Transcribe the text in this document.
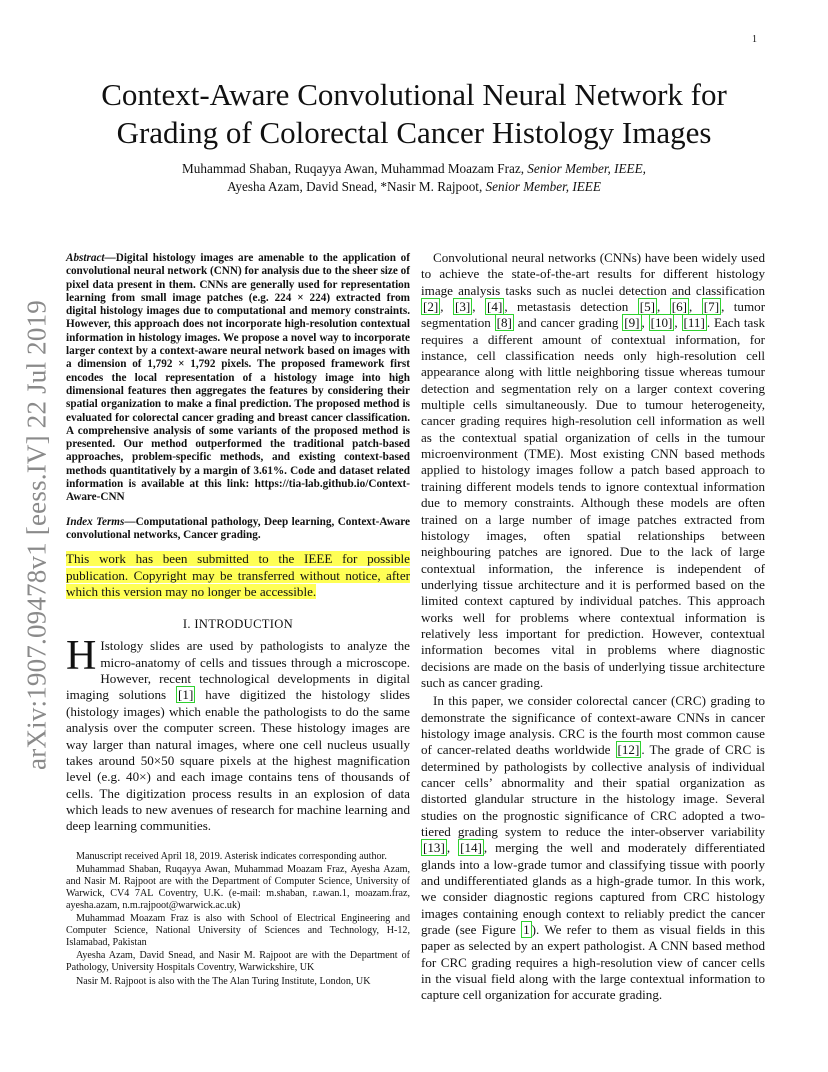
1
arXiv:1907.09478v1 [eess.IV] 22 Jul 2019
Context-Aware Convolutional Neural Network for
Grading of Colorectal Cancer Histology Images
Muhammad Shaban, Ruqayya Awan, Muhammad Moazam Fraz, Senior Member, IEEE,
Ayesha Azam, David Snead, *Nasir M. Rajpoot, Senior Member, IEEE

Abstract—Digital histology images are amenable to the application of convolutional neural network (CNN) for analysis due to the sheer size of pixel data present in them. CNNs are generally used for representation learning from small image patches (e.g. 224 × 224) extracted from digital histology images due to computational and memory constraints. However, this approach does not incorporate high-resolution contextual information in histology images. We propose a novel way to incorporate larger context by a context-aware neural network based on images with a dimension of 1,792 × 1,792 pixels. The proposed framework first encodes the local representation of a histology image into high dimensional features then aggregates the features by considering their spatial organization to make a final prediction. The proposed method is evaluated for colorectal cancer grading and breast cancer classification. A comprehensive analysis of some variants of the proposed method is presented. Our method outperformed the traditional patch-based approaches, problem-specific methods, and existing context-based methods quantitatively by a margin of 3.61%. Code and dataset related information is available at this link: https://tia-lab.github.io/Context-Aware-CNN

Index Terms—Computational pathology, Deep learning, Context-Aware convolutional networks, Cancer grading.

This work has been submitted to the IEEE for possible publication. Copyright may be transferred without notice, after which this version may no longer be accessible.

I. INTRODUCTION

H Istology slides are used by pathologists to analyze the micro-anatomy of cells and tissues through a microscope. However, recent technological developments in digital imaging solutions [1] have digitized the histology slides (histology images) which enable the pathologists to do the same analysis over the computer screen. These histology images are way larger than natural images, where one cell nucleus usually takes around 50×50 square pixels at the highest magnification level (e.g. 40×) and each image contains tens of thousands of cells. The digitization process results in an explosion of data which leads to new avenues of research for machine learning and deep learning communities.

Manuscript received April 18, 2019. Asterisk indicates corresponding author.

Muhammad Shaban, Ruqayya Awan, Muhammad Moazam Fraz, Ayesha Azam, and Nasir M. Rajpoot are with the Department of Computer Science, University of Warwick, CV4 7AL Coventry, U.K. (e-mail: m.shaban, r.awan.1, moazam.fraz, ayesha.azam, n.m.rajpoot@warwick.ac.uk)

Muhammad Moazam Fraz is also with School of Electrical Engineering and Computer Science, National University of Sciences and Technology, H-12, Islamabad, Pakistan

Ayesha Azam, David Snead, and Nasir M. Rajpoot are with the Department of Pathology, University Hospitals Coventry, Warwickshire, UK

Nasir M. Rajpoot is also with the The Alan Turing Institute, London, UK

Convolutional neural networks (CNNs) have been widely used to achieve the state-of-the-art results for different histology image analysis tasks such as nuclei detection and classification [2] , [3] , [4] , metastasis detection [5] , [6] , [7] , tumor segmentation [8] and cancer grading [9] , [10] , [11] . Each task requires a different amount of contextual information, for instance, cell classification needs only high-resolution cell appearance along with little neighboring tissue whereas tumour detection and segmentation rely on a larger context covering multiple cells simultaneously. Due to tumour heterogeneity, cancer grading requires high-resolution cell information as well as the contextual spatial organization of cells in the tumour microenvironment (TME). Most existing CNN based methods applied to histology images follow a patch based approach to training different models tends to ignore contextual information due to memory constraints. Although these models are often trained on a large number of image patches extracted from histology images, often spatial relationships between neighbouring patches are ignored. Due to the lack of large contextual information, the inference is independent of underlying tissue architecture and it is performed based on the limited context captured by individual patches. This approach works well for problems where contextual information is relatively less important for prediction. However, contextual information becomes vital in problems where diagnostic decisions are made on the basis of underlying tissue architecture such as cancer grading.

In this paper, we consider colorectal cancer (CRC) grading to demonstrate the significance of context-aware CNNs in cancer histology image analysis. CRC is the fourth most common cause of cancer-related deaths worldwide [12] . The grade of CRC is determined by pathologists by collective analysis of individual cancer cells’ abnormality and their spatial organization as distorted glandular structure in the histology image. Several studies on the prognostic significance of CRC adopted a two-tiered grading system to reduce the inter-observer variability [13] , [14] , merging the well and moderately differentiated glands into a low-grade tumor and classifying tissue with poorly and undifferentiated glands as a high-grade tumor. In this work, we consider diagnostic regions captured from CRC histology images containing enough context to reliably predict the cancer grade (see Figure 1 ). We refer to them as visual fields in this paper as selected by an expert pathologist. A CNN based method for CRC grading requires a high-resolution view of cancer cells in the visual field along with the large contextual information to capture cell organization for accurate grading.
